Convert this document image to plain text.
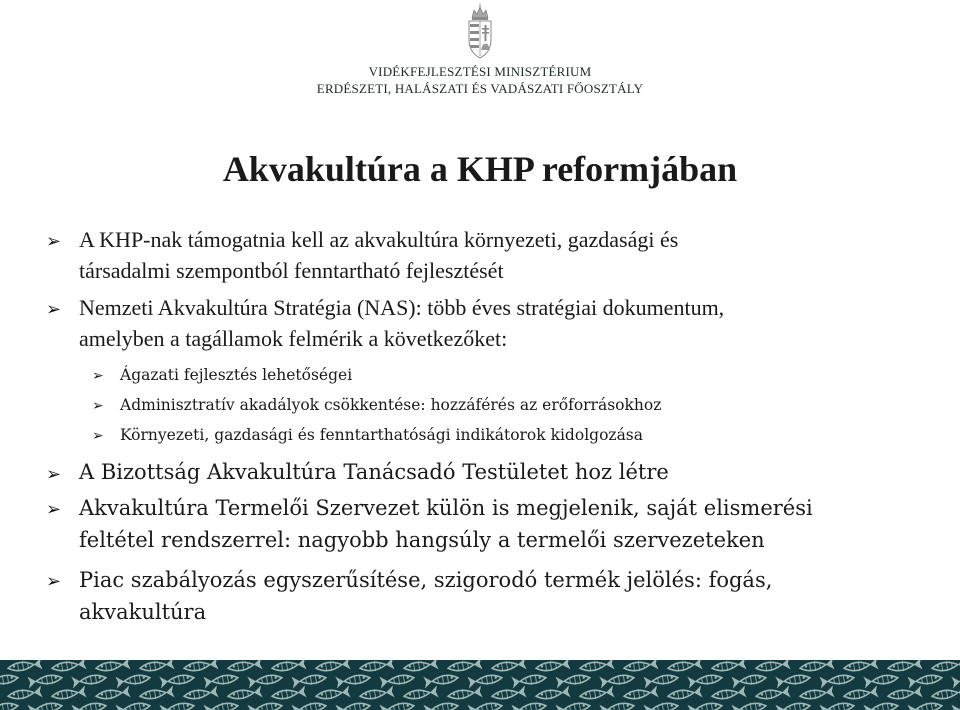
VIDÉKFEJLESZTÉSI MINISZTÉRIUM
ERDÉSZETI, HALÁSZATI ÉS VADÁSZATI FŐOSZTÁLY
Akvakultúra a KHP reformjában
➢ A KHP-nak támogatnia kell az akvakultúra környezeti, gazdasági és
társadalmi szempontból fenntartható fejlesztését
➢ Nemzeti Akvakultúra Stratégia (NAS): több éves stratégiai dokumentum,
amelyben a tagállamok felmérik a következőket:
➢ Ágazati fejlesztés lehetőségei
➢ Adminisztratív akadályok csökkentése: hozzáférés az erőforrásokhoz
➢ Környezeti, gazdasági és fenntarthatósági indikátorok kidolgozása
➢ A Bizottság Akvakultúra Tanácsadó Testületet hoz létre
➢ Akvakultúra Termelői Szervezet külön is megjelenik, saját elismerési
feltétel rendszerrel: nagyobb hangsúly a termelői szervezeteken
➢ Piac szabályozás egyszerűsítése, szigorodó termék jelölés: fogás,
akvakultúra
